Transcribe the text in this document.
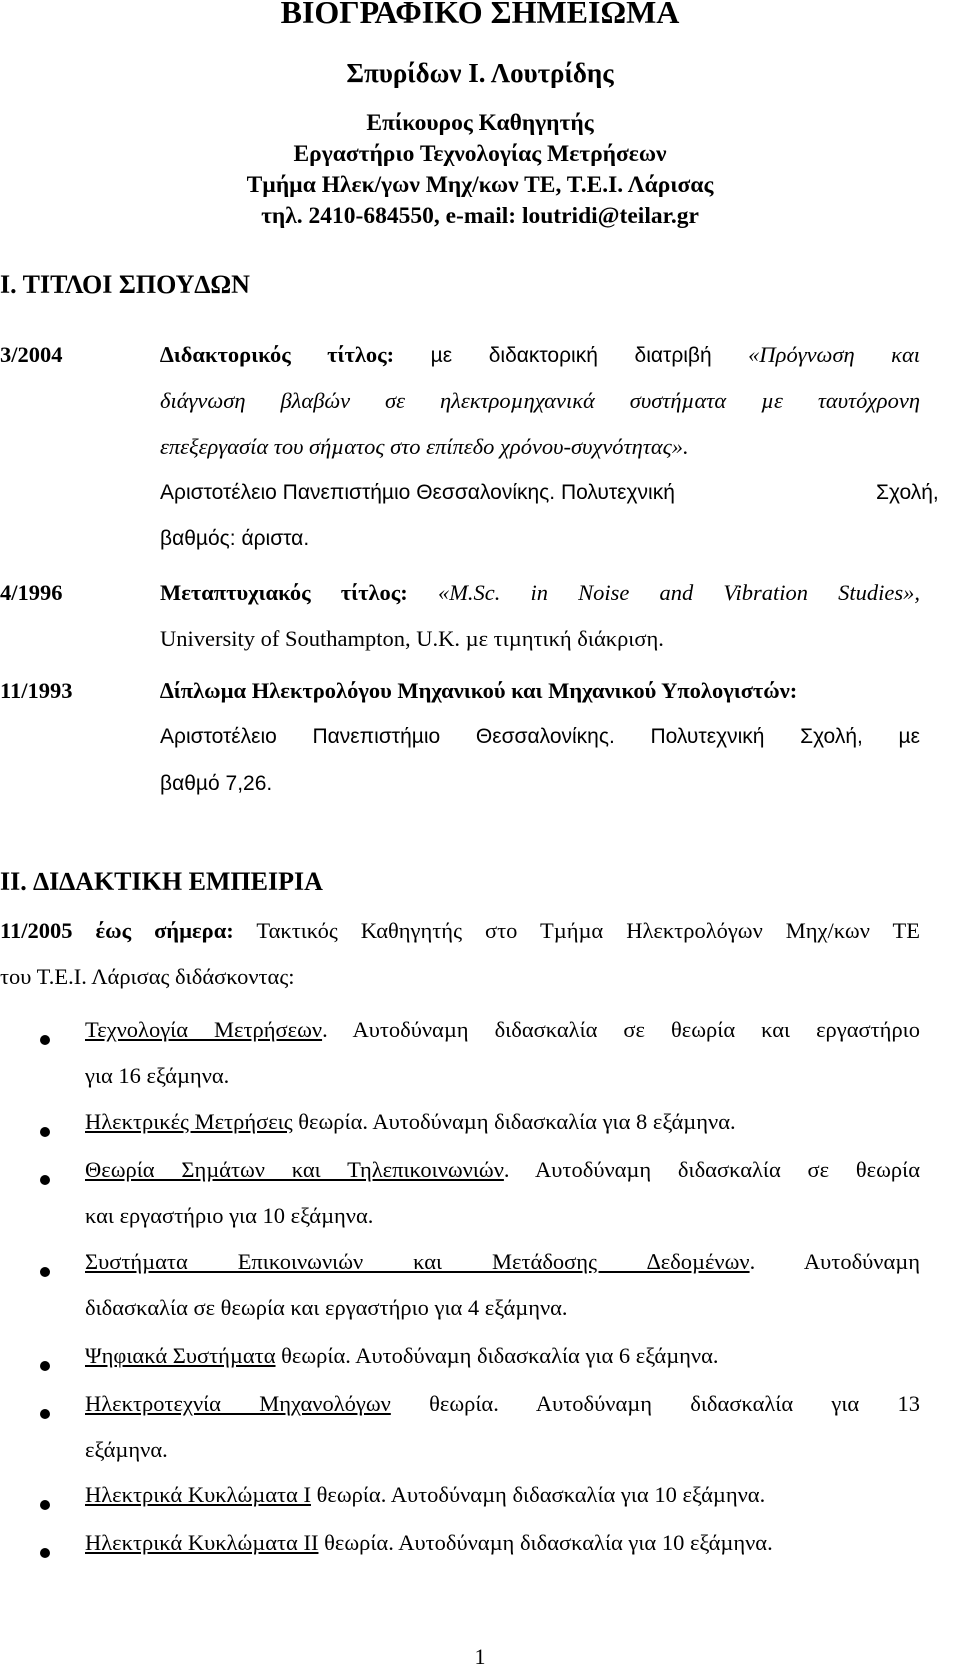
ΒΙΟΓΡΑΦΙΚΟ ΣΗΜΕΙΩΜΑ
Σπυρίδων Ι. Λουτρίδης
Επίκουρος Καθηγητής
Εργαστήριο Τεχνολογίας Μετρήσεων
Τµήµα Ηλεκ/γων Μηχ/κων ΤΕ, Τ.Ε.Ι. Λάρισας
τηλ. 2410-684550, e-mail: loutridi@teilar.gr
Ι. ΤΙΤΛΟΙ ΣΠΟΥ∆ΩΝ
3/2004	∆ιδακτορικός τίτλος: µε διδακτορική διατριβή «Πρόγνωση και
διάγνωση βλαβών σε ηλεκτροµηχανικά συστήµατα µε ταυτόχρονη
επεξεργασία του σήµατος στο επίπεδο χρόνου-συχνότητας».
Αριστοτέλειο Πανεπιστήµιο Θεσσαλονίκης. Πολυτεχνική	Σχολή,
βαθµός: άριστα.
4/1996	Μεταπτυχιακός τίτλος: «M.Sc. in Noise and Vibration Studies»,
University of Southampton, U.K. µε τιµητική διάκριση.
11/1993	∆ίπλωµα Ηλεκτρολόγου Μηχανικού και Μηχανικού Υπολογιστών:
Αριστοτέλειο Πανεπιστήµιο Θεσσαλονίκης. Πολυτεχνική Σχολή, µε
βαθµό 7,26.
ΙΙ. ∆Ι∆ΑΚΤΙΚΗ ΕΜΠΕΙΡΙΑ
11/2005 έως σήµερα: Τακτικός Καθηγητής στο Τµήµα Ηλεκτρολόγων Μηχ/κων ΤΕ
του Τ.Ε.Ι. Λάρισας διδάσκοντας:
Τεχνολογία Μετρήσεων. Αυτοδύναµη διδασκαλία σε θεωρία και εργαστήριο
για 16 εξάµηνα.
Ηλεκτρικές Μετρήσεις θεωρία. Αυτοδύναµη διδασκαλία για 8 εξάµηνα.
Θεωρία Σηµάτων και Τηλεπικοινωνιών. Αυτοδύναµη διδασκαλία σε θεωρία
και εργαστήριο για 10 εξάµηνα.
Συστήµατα Επικοινωνιών και Μετάδοσης ∆εδοµένων. Αυτοδύναµη
διδασκαλία σε θεωρία και εργαστήριο για 4 εξάµηνα.
Ψηφιακά Συστήµατα θεωρία. Αυτοδύναµη διδασκαλία για 6 εξάµηνα.
Ηλεκτροτεχνία Μηχανολόγων θεωρία. Αυτοδύναµη διδασκαλία για 13
εξάµηνα.
Ηλεκτρικά Κυκλώµατα Ι θεωρία. Αυτοδύναµη διδασκαλία για 10 εξάµηνα.
Ηλεκτρικά Κυκλώµατα ΙΙ θεωρία. Αυτοδύναµη διδασκαλία για 10 εξάµηνα.
1
